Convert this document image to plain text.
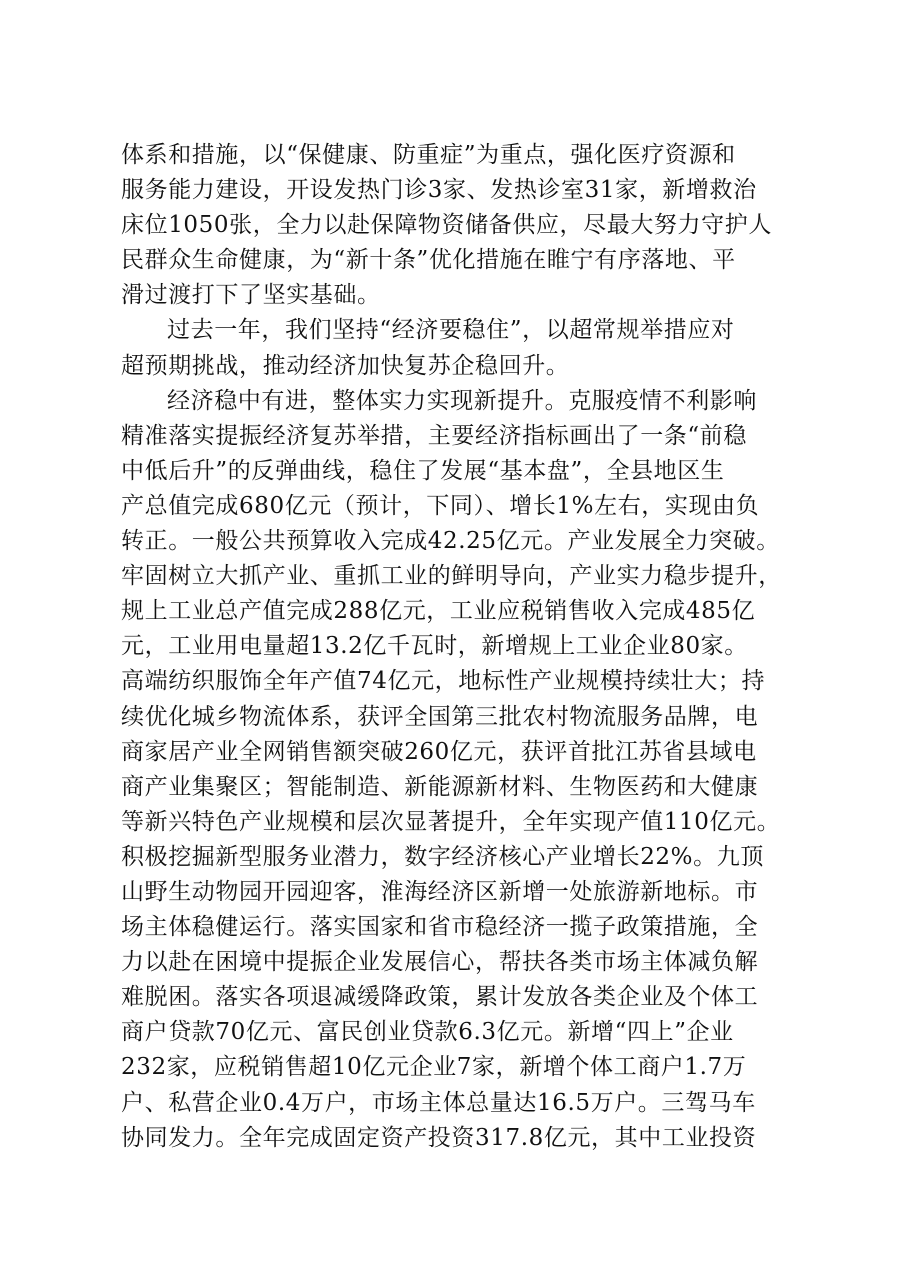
体系和措施，以“保健康、防重症”为重点，强化医疗资源和
服务能力建设，开设发热门诊3家、发热诊室31家，新增救治
床位1050张，全力以赴保障物资储备供应，尽最大努力守护人
民群众生命健康，为“新十条”优化措施在睢宁有序落地、平
滑过渡打下了坚实基础。
过去一年，我们坚持“经济要稳住”，以超常规举措应对
超预期挑战，推动经济加快复苏企稳回升。
经济稳中有进，整体实力实现新提升。克服疫情不利影响
精准落实提振经济复苏举措，主要经济指标画出了一条“前稳
中低后升”的反弹曲线，稳住了发展“基本盘”，全县地区生
产总值完成680亿元（预计，下同）、增长1%左右，实现由负
转正。一般公共预算收入完成42.25亿元。产业发展全力突破。
牢固树立大抓产业、重抓工业的鲜明导向，产业实力稳步提升，
规上工业总产值完成288亿元，工业应税销售收入完成485亿
元，工业用电量超13.2亿千瓦时，新增规上工业企业80家。
高端纺织服饰全年产值74亿元，地标性产业规模持续壮大；持
续优化城乡物流体系，获评全国第三批农村物流服务品牌，电
商家居产业全网销售额突破260亿元，获评首批江苏省县域电
商产业集聚区；智能制造、新能源新材料、生物医药和大健康
等新兴特色产业规模和层次显著提升，全年实现产值110亿元。
积极挖掘新型服务业潜力，数字经济核心产业增长22%。九顶
山野生动物园开园迎客，淮海经济区新增一处旅游新地标。市
场主体稳健运行。落实国家和省市稳经济一揽子政策措施，全
力以赴在困境中提振企业发展信心，帮扶各类市场主体减负解
难脱困。落实各项退减缓降政策，累计发放各类企业及个体工
商户贷款70亿元、富民创业贷款6.3亿元。新增“四上”企业
232家，应税销售超10亿元企业7家，新增个体工商户1.7万
户、私营企业0.4万户，市场主体总量达16.5万户。三驾马车
协同发力。全年完成固定资产投资317.8亿元，其中工业投资
